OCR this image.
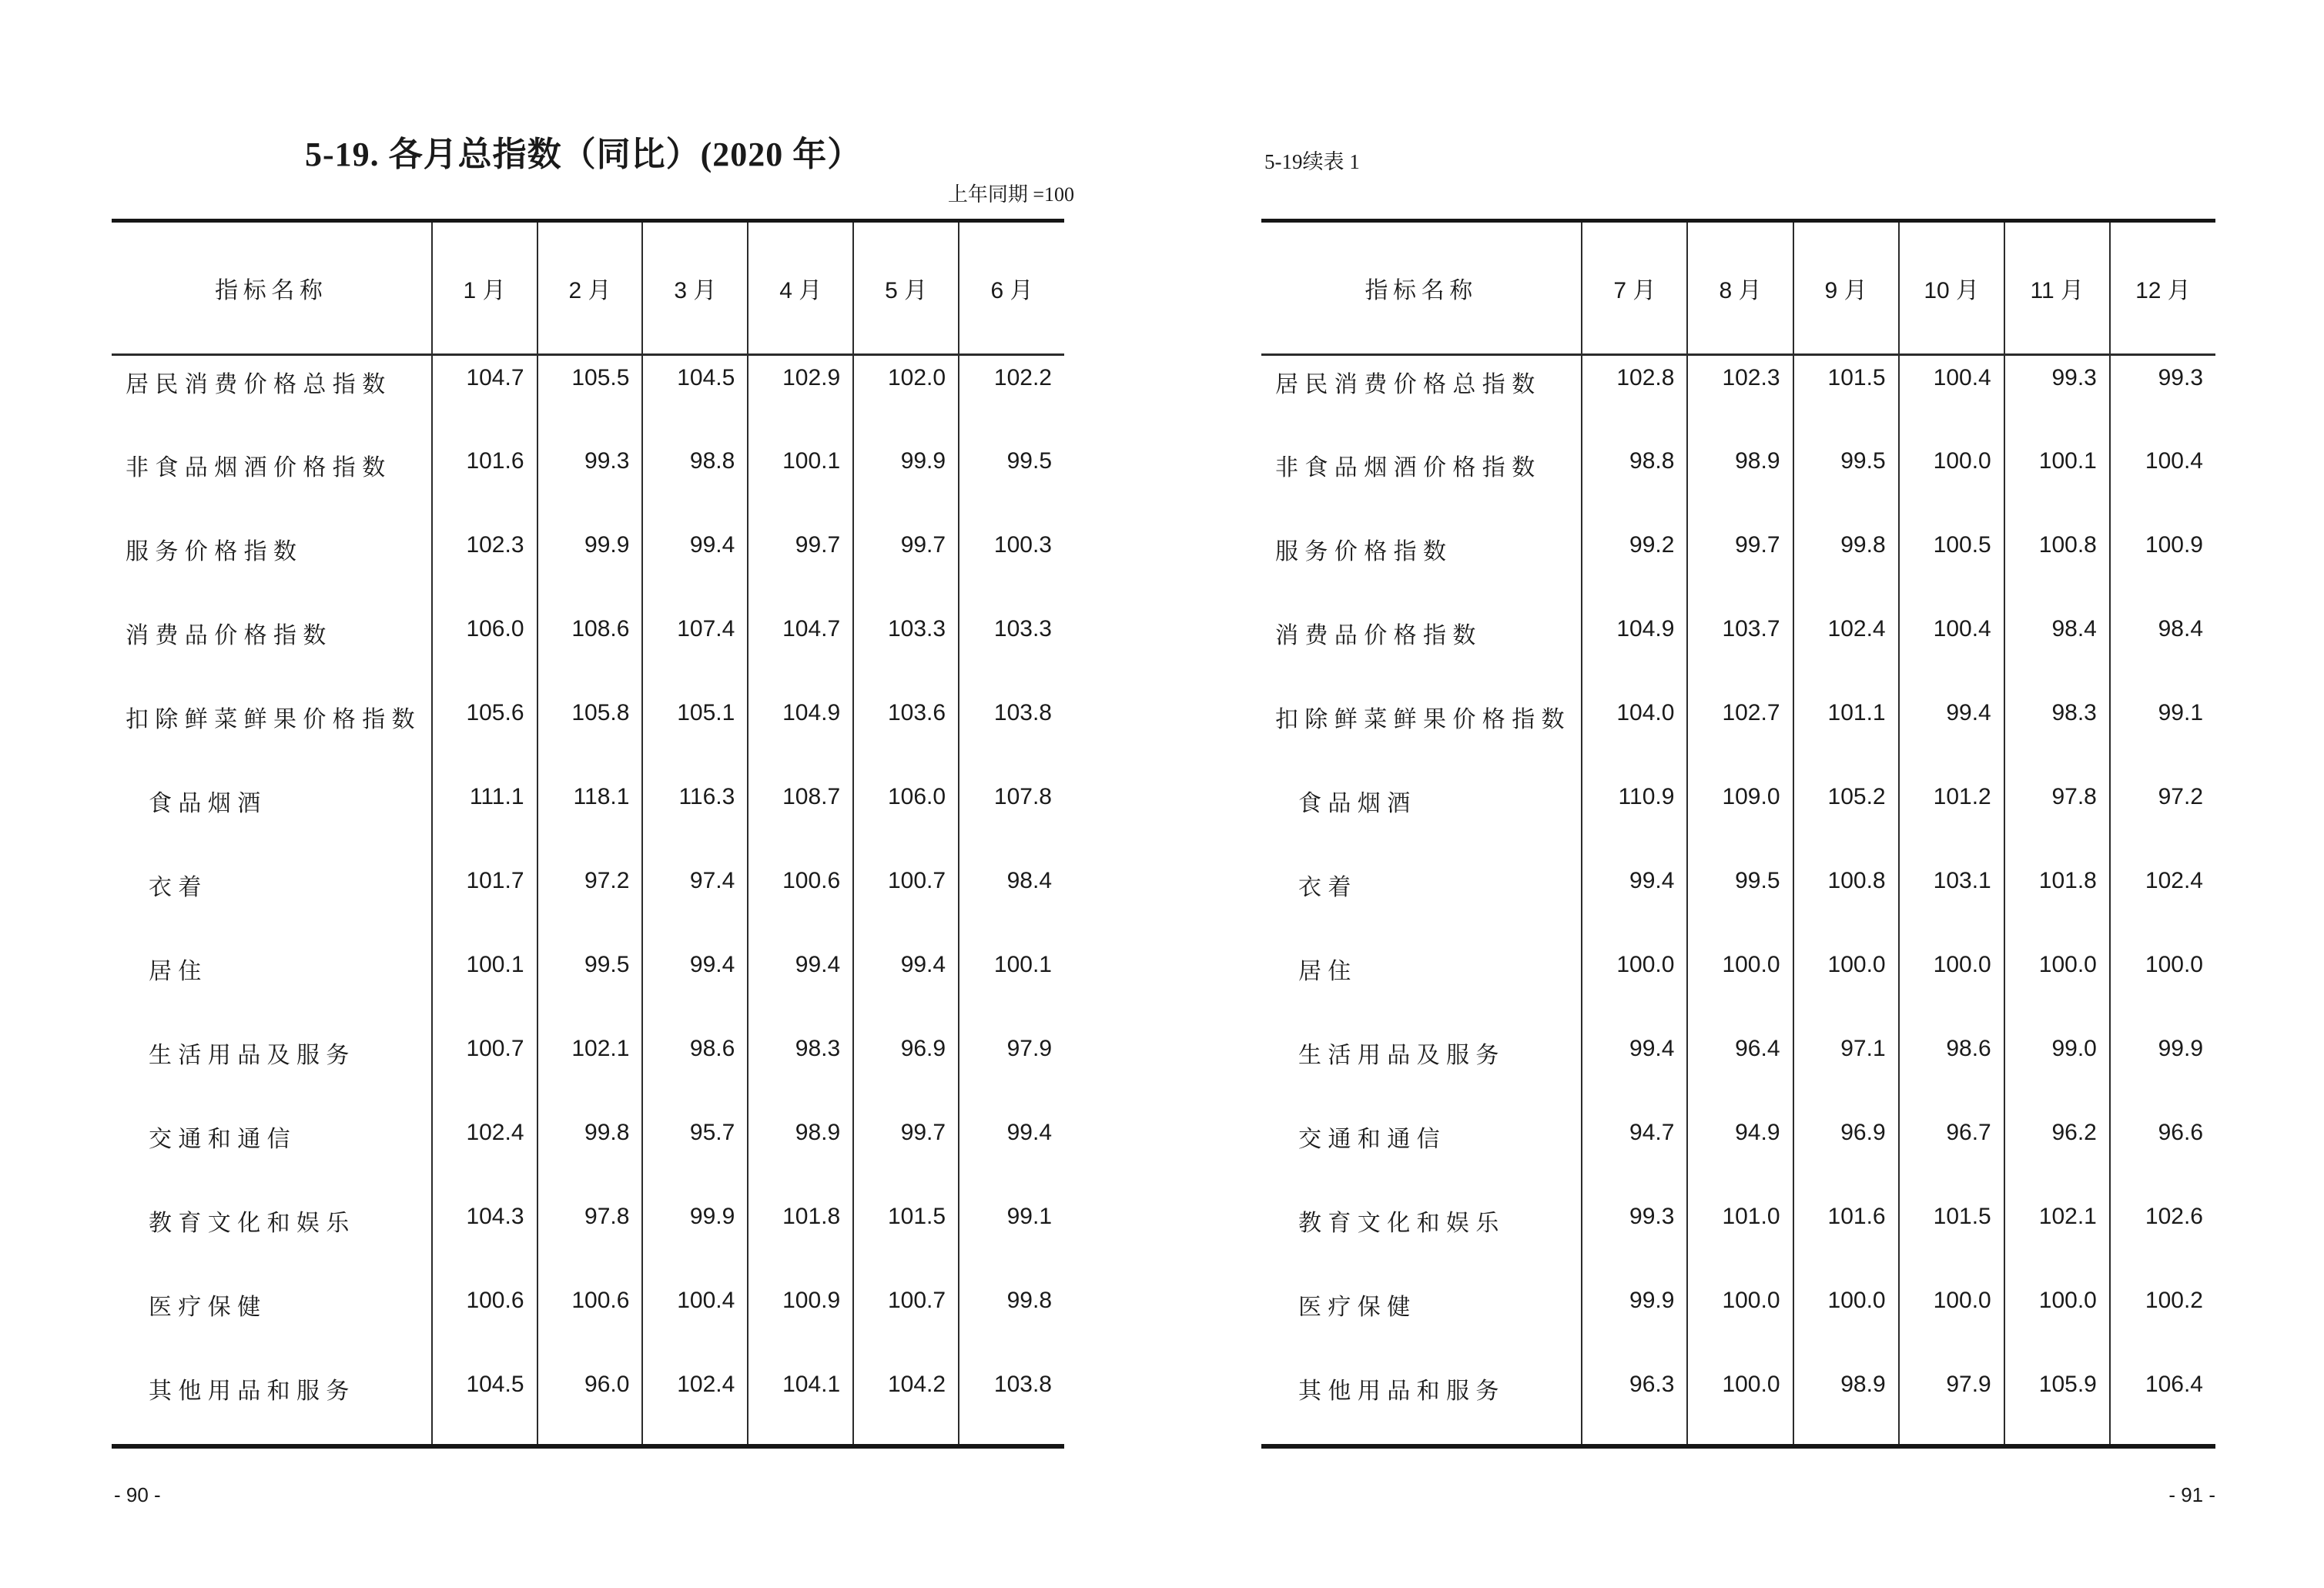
5-19. 各月总指数（同比）(2020 年）
上年同期 =100
5-19续表 1
指标名称	1 月	2 月	3 月	4 月	5 月	6 月
居民消费价格总指数	104.7	105.5	104.5	102.9	102.0	102.2
非食品烟酒价格指数	101.6	99.3	98.8	100.1	99.9	99.5
服务价格指数	102.3	99.9	99.4	99.7	99.7	100.3
消费品价格指数	106.0	108.6	107.4	104.7	103.3	103.3
扣除鲜菜鲜果价格指数	105.6	105.8	105.1	104.9	103.6	103.8
食品烟酒	111.1	118.1	116.3	108.7	106.0	107.8
衣着	101.7	97.2	97.4	100.6	100.7	98.4
居住	100.1	99.5	99.4	99.4	99.4	100.1
生活用品及服务	100.7	102.1	98.6	98.3	96.9	97.9
交通和通信	102.4	99.8	95.7	98.9	99.7	99.4
教育文化和娱乐	104.3	97.8	99.9	101.8	101.5	99.1
医疗保健	100.6	100.6	100.4	100.9	100.7	99.8
其他用品和服务	104.5	96.0	102.4	104.1	104.2	103.8
指标名称	7 月	8 月	9 月	10 月	11 月	12 月
居民消费价格总指数	102.8	102.3	101.5	100.4	99.3	99.3
非食品烟酒价格指数	98.8	98.9	99.5	100.0	100.1	100.4
服务价格指数	99.2	99.7	99.8	100.5	100.8	100.9
消费品价格指数	104.9	103.7	102.4	100.4	98.4	98.4
扣除鲜菜鲜果价格指数	104.0	102.7	101.1	99.4	98.3	99.1
食品烟酒	110.9	109.0	105.2	101.2	97.8	97.2
衣着	99.4	99.5	100.8	103.1	101.8	102.4
居住	100.0	100.0	100.0	100.0	100.0	100.0
生活用品及服务	99.4	96.4	97.1	98.6	99.0	99.9
交通和通信	94.7	94.9	96.9	96.7	96.2	96.6
教育文化和娱乐	99.3	101.0	101.6	101.5	102.1	102.6
医疗保健	99.9	100.0	100.0	100.0	100.0	100.2
其他用品和服务	96.3	100.0	98.9	97.9	105.9	106.4
- 90 -	- 91 -
